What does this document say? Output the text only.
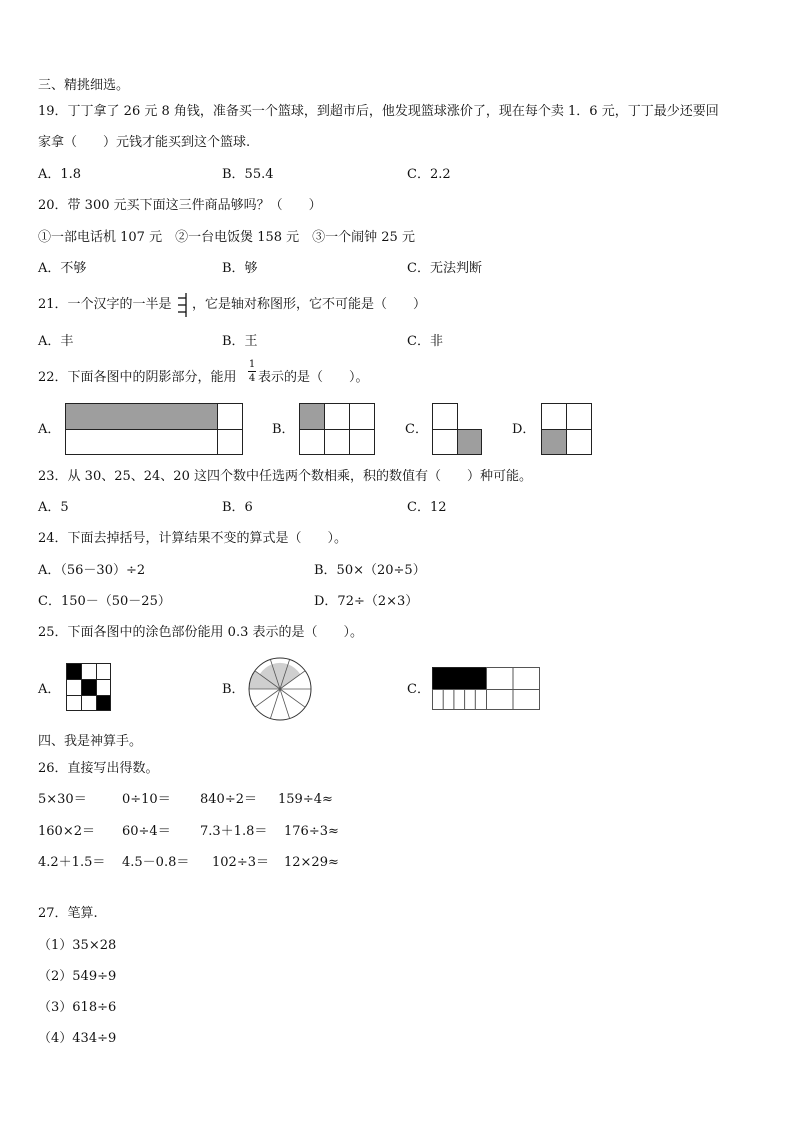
三、精挑细选。
19．丁丁拿了 26 元 8 角钱，准备买一个篮球，到超市后，他发现篮球涨价了，现在每个卖 1．6 元，丁丁最少还要回
家拿（　　）元钱才能买到这个篮球.
A．1.8	B．55.4	C．2.2
20．带 300 元买下面这三件商品够吗？（　　）
①一部电话机 107 元　②一台电饭煲 158 元　③一个闹钟 25 元
A．不够	B．够	C．无法判断
21．一个汉字的一半是 ，它是轴对称图形，它不可能是（　　）
A．丰	B．王	C．非
22．下面各图中的阴影部分，能用
1
4 表示的是（　　）。
A．	B．	C．	D．
23．从 30、25、24、20 这四个数中任选两个数相乘，积的数值有（　　）种可能。
A．5	B．6	C．12
24．下面去掉括号，计算结果不变的算式是（　　）。
A．（56－30）÷2	B．50×（20÷5）
C．150－（50－25）	D．72÷（2×3）
25．下面各图中的涂色部份能用 0.3 表示的是（　　）。
A．	B．	C．
四、我是神算手。
26．直接写出得数。
5×30＝	0÷10＝ 840÷2＝ 159÷4≈
160×2＝ 60÷4＝ 7.3＋1.8＝ 176÷3≈
4.2＋1.5＝ 4.5－0.8＝ 102÷3＝ 12×29≈
27．笔算.
（1）35×28
（2）549÷9
（3）618÷6
（4）434÷9
